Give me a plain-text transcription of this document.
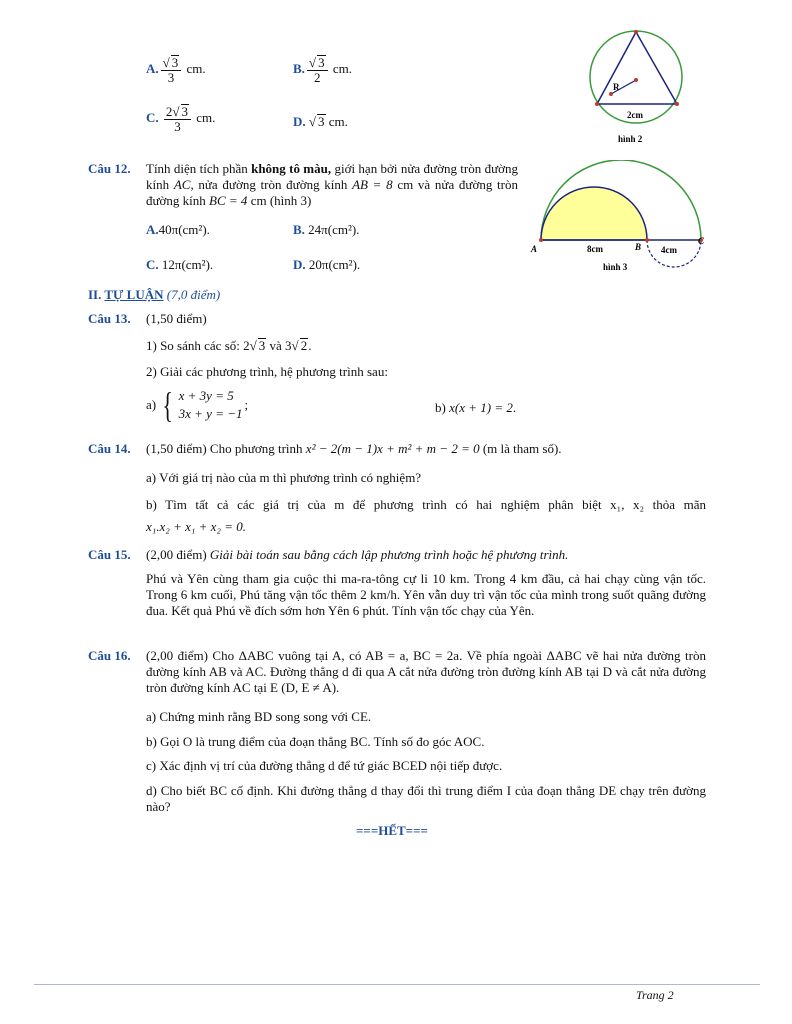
A. $\frac{√ 3}{3}$ cm.	B. $\frac{√ 3}{2}$ cm.
C. $\frac{2√ 3}{3}$ cm.	D. √ 3 cm.
R
2cm
hình 2
Câu 12. Tính diện tích phần không tô màu, giới hạn bởi nửa đường tròn đường kính AC, nửa đường tròn đường kính AB = 8 cm và nửa đường tròn đường kính BC = 4 cm (hình 3)
A.40π(cm²).	B. 24π(cm²).
C. 12π(cm²).	D. 20π(cm²).
A	B
C
8cm	4cm
hình 3
II. TỰ LUẬN (7,0 điểm)
Câu 13. (1,50 điểm)
1) So sánh các số: 2√ 3 và 3√ 2.
2) Giải các phương trình, hệ phương trình sau:
a)
{ x + 3y = 5
3x + y = −1
;	b) x(x + 1) = 2.
Câu 14. (1,50 điểm) Cho phương trình x² − 2(m − 1)x + m² + m − 2 = 0 (m là tham số).
a) Với giá trị nào của m thì phương trình có nghiệm?
b) Tìm tất cả các giá trị của m để phương trình có hai nghiệm phân biệt x₁, x₂ thỏa mãn
x₁.x₂ + x₁ + x₂ = 0.
Câu 15. (2,00 điểm) Giải bài toán sau bằng cách lập phương trình hoặc hệ phương trình.
Phú và Yên cùng tham gia cuộc thi ma-ra-tông cự li 10 km. Trong 4 km đầu, cả hai chạy cùng vận tốc. Trong 6 km cuối, Phú tăng vận tốc thêm 2 km/h. Yên vẫn duy trì vận tốc của mình trong suốt quãng đường đua. Kết quả Phú về đích sớm hơn Yên 6 phút. Tính vận tốc chạy của Yên.
Câu 16. (2,00 điểm) Cho ΔABC vuông tại A, có AB = a, BC = 2a. Về phía ngoài ΔABC vẽ hai nửa đường tròn đường kính AB và AC. Đường thẳng d đi qua A cắt nửa đường tròn đường kính AB tại D và cắt nửa đường tròn đường kính AC tại E (D, E ≠ A).
a) Chứng minh rằng BD song song với CE.
b) Gọi O là trung điểm của đoạn thẳng BC. Tính số đo góc AOC.
c) Xác định vị trí của đường thẳng d để tứ giác BCED nội tiếp được.
d) Cho biết BC cố định. Khi đường thẳng d thay đổi thì trung điểm I của đoạn thẳng DE chạy trên đường nào?
===HẾT===
Trang 2
